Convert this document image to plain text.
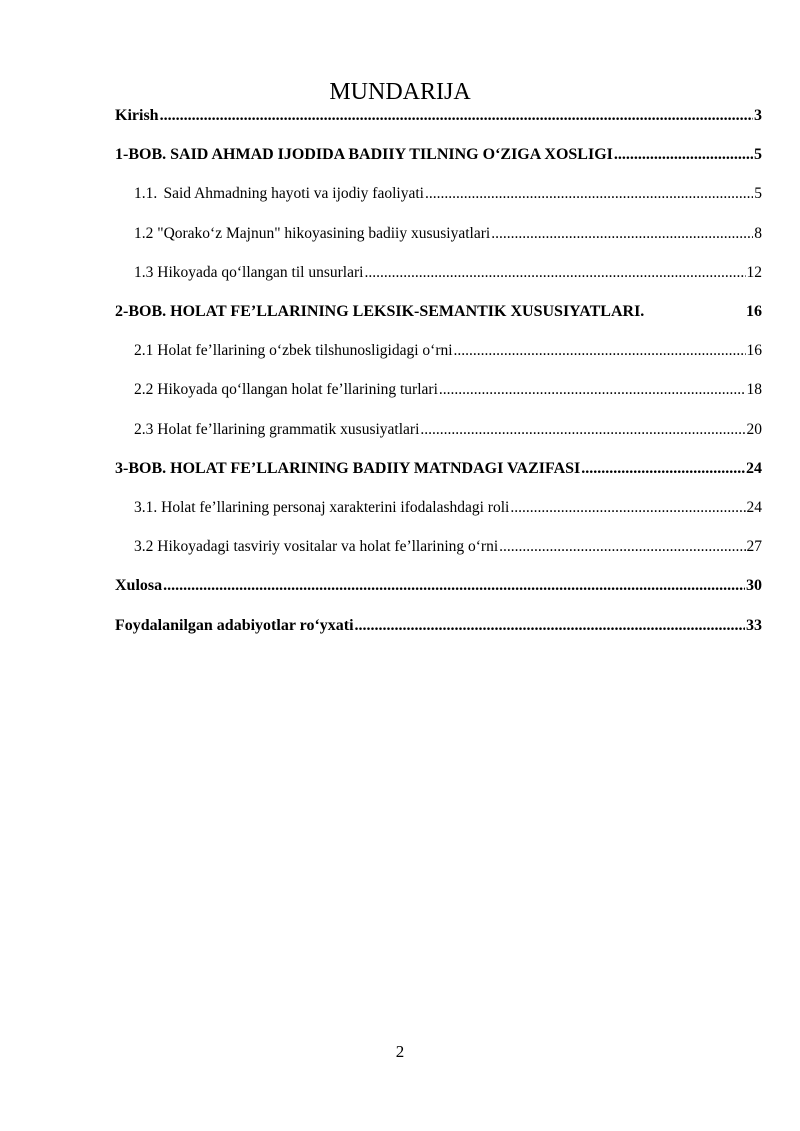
MUNDARIJA
Kirish .....	3
1-BOB. SAID AHMAD IJODIDA BADIIY TILNING O‘ZIGA XOSLIGI .....	5
1.1. Said Ahmadning hayoti va ijodiy faoliyati .....	5
1.2 "Qorako‘z Majnun" hikoyasining badiiy xususiyatlari .....	8
1.3 Hikoyada qo‘llangan til unsurlari .....	12
2-BOB. HOLAT FE’LLARINING LEKSIK-SEMANTIK XUSUSIYATLARI.	16
2.1 Holat fe’llarining o‘zbek tilshunosligidagi o‘rni .....	16
2.2 Hikoyada qo‘llangan holat fe’llarining turlari .....	18
2.3 Holat fe’llarining grammatik xususiyatlari .....	20
3-BOB. HOLAT FE’LLARINING BADIIY MATNDAGI VAZIFASI .....	24
3.1. Holat fe’llarining personaj xarakterini ifodalashdagi roli .....	24
3.2 Hikoyadagi tasviriy vositalar va holat fe’llarining o‘rni .....	27
Xulosa .....	30
Foydalanilgan adabiyotlar ro‘yxati .....	33
2
